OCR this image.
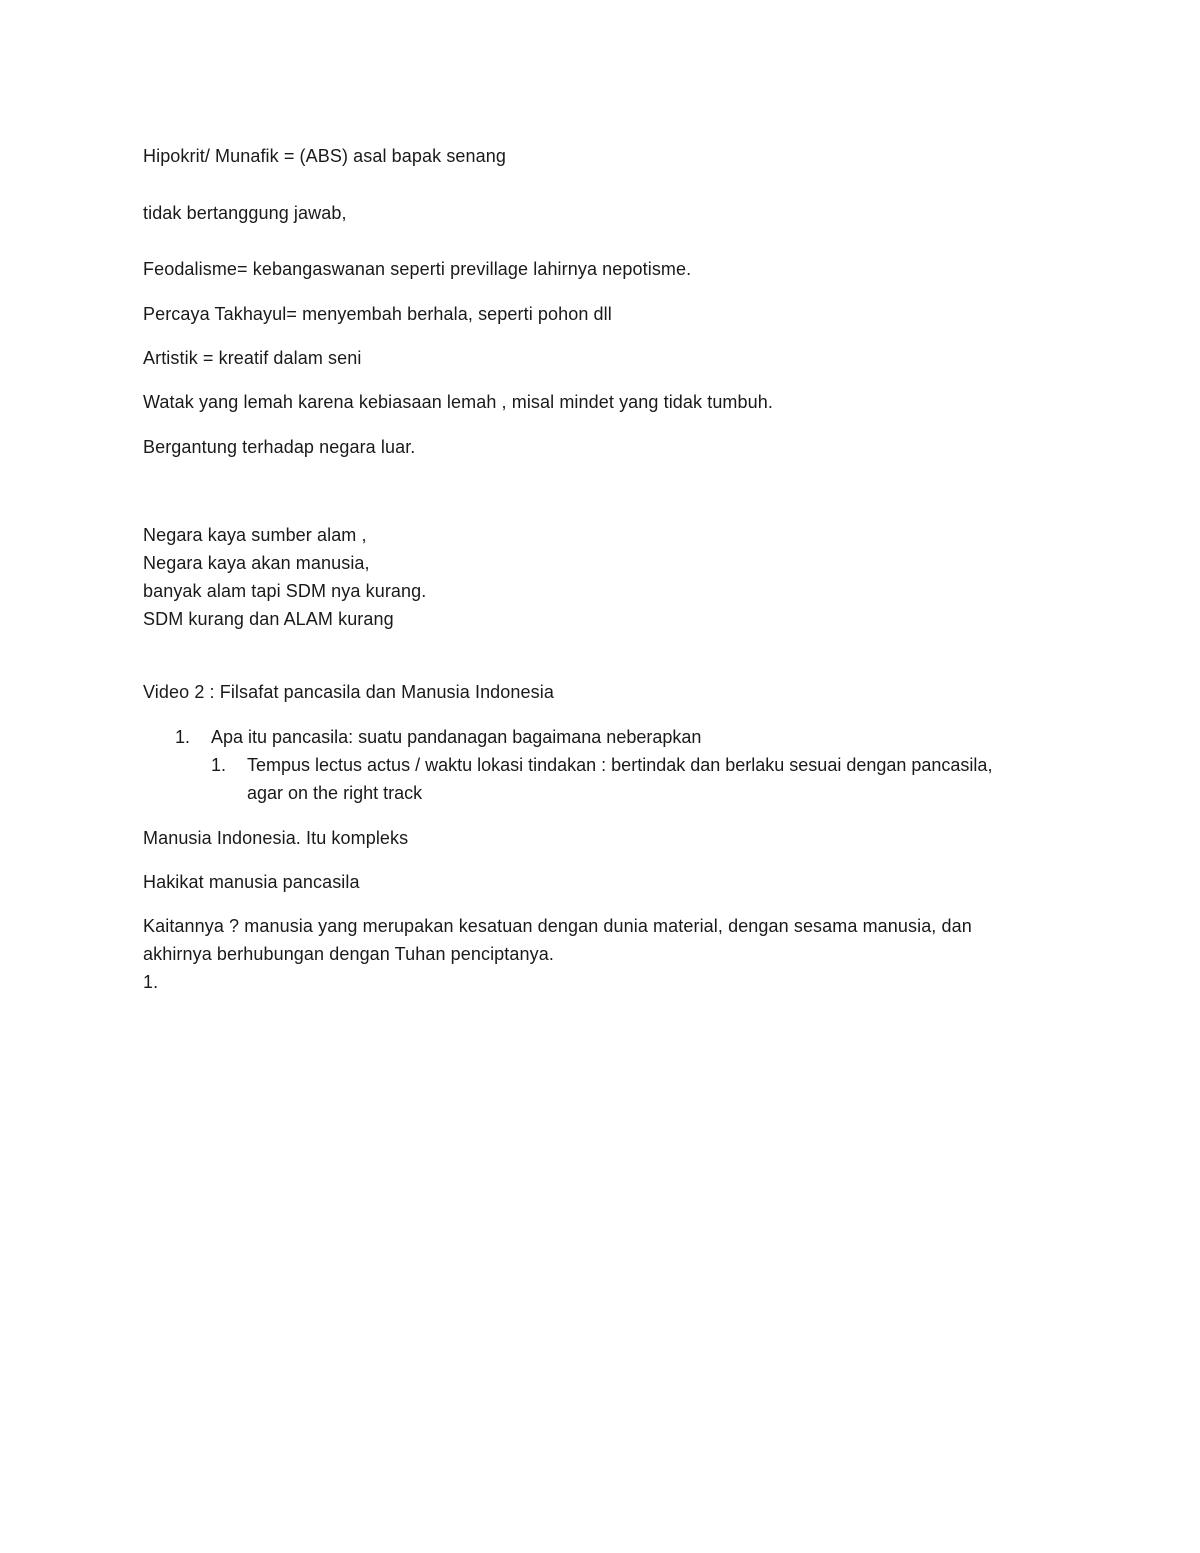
Hipokrit/ Munafik = (ABS) asal bapak senang
tidak bertanggung jawab,
Feodalisme= kebangaswanan seperti previllage lahirnya nepotisme.
Percaya Takhayul= menyembah berhala, seperti pohon dll
Artistik = kreatif dalam seni
Watak yang lemah karena kebiasaan lemah , misal mindet yang tidak tumbuh.
Bergantung terhadap negara luar.
Negara kaya sumber alam ,
Negara kaya akan manusia,
banyak alam tapi SDM nya kurang.
SDM kurang dan ALAM kurang
Video 2 : Filsafat pancasila dan Manusia Indonesia
1. Apa itu pancasila: suatu pandanagan bagaimana neberapkan
1. Tempus lectus actus / waktu lokasi tindakan : bertindak dan berlaku sesuai dengan pancasila,
agar on the right track
Manusia Indonesia. Itu kompleks
Hakikat manusia pancasila
Kaitannya ? manusia yang merupakan kesatuan dengan dunia material, dengan sesama manusia, dan
akhirnya berhubungan dengan Tuhan penciptanya.
1.
